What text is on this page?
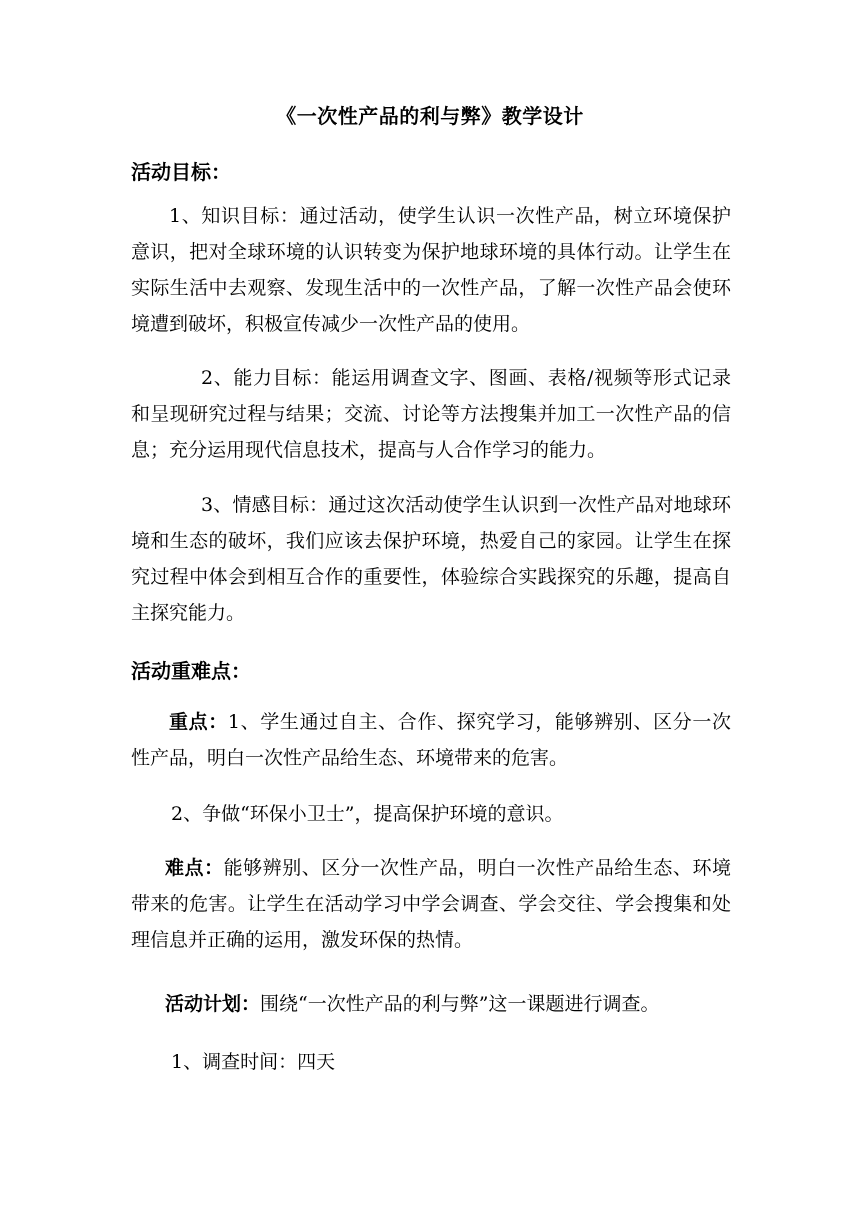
《一次性产品的利与弊》教学设计
活动目标：

1、知识目标：通过活动，使学生认识一次性产品，树立环境保护意识，把对全球环境的认识转变为保护地球环境的具体行动。让学生在实际生活中去观察、发现生活中的一次性产品，了解一次性产品会使环境遭到破坏，积极宣传减少一次性产品的使用。

2、能力目标：能运用调查文字、图画、表格/视频等形式记录和呈现研究过程与结果；交流、讨论等方法搜集并加工一次性产品的信息；充分运用现代信息技术，提高与人合作学习的能力。

3、情感目标：通过这次活动使学生认识到一次性产品对地球环境和生态的破坏，我们应该去保护环境，热爱自己的家园。让学生在探究过程中体会到相互合作的重要性，体验综合实践探究的乐趣，提高自主探究能力。

活动重难点：

重点：1、学生通过自主、合作、探究学习，能够辨别、区分一次性产品，明白一次性产品给生态、环境带来的危害。

2、争做“环保小卫士”，提高保护环境的意识。

难点：能够辨别、区分一次性产品，明白一次性产品给生态、环境带来的危害。让学生在活动学习中学会调查、学会交往、学会搜集和处理信息并正确的运用，激发环保的热情。

活动计划：围绕“一次性产品的利与弊”这一课题进行调查。
1、调查时间：四天
